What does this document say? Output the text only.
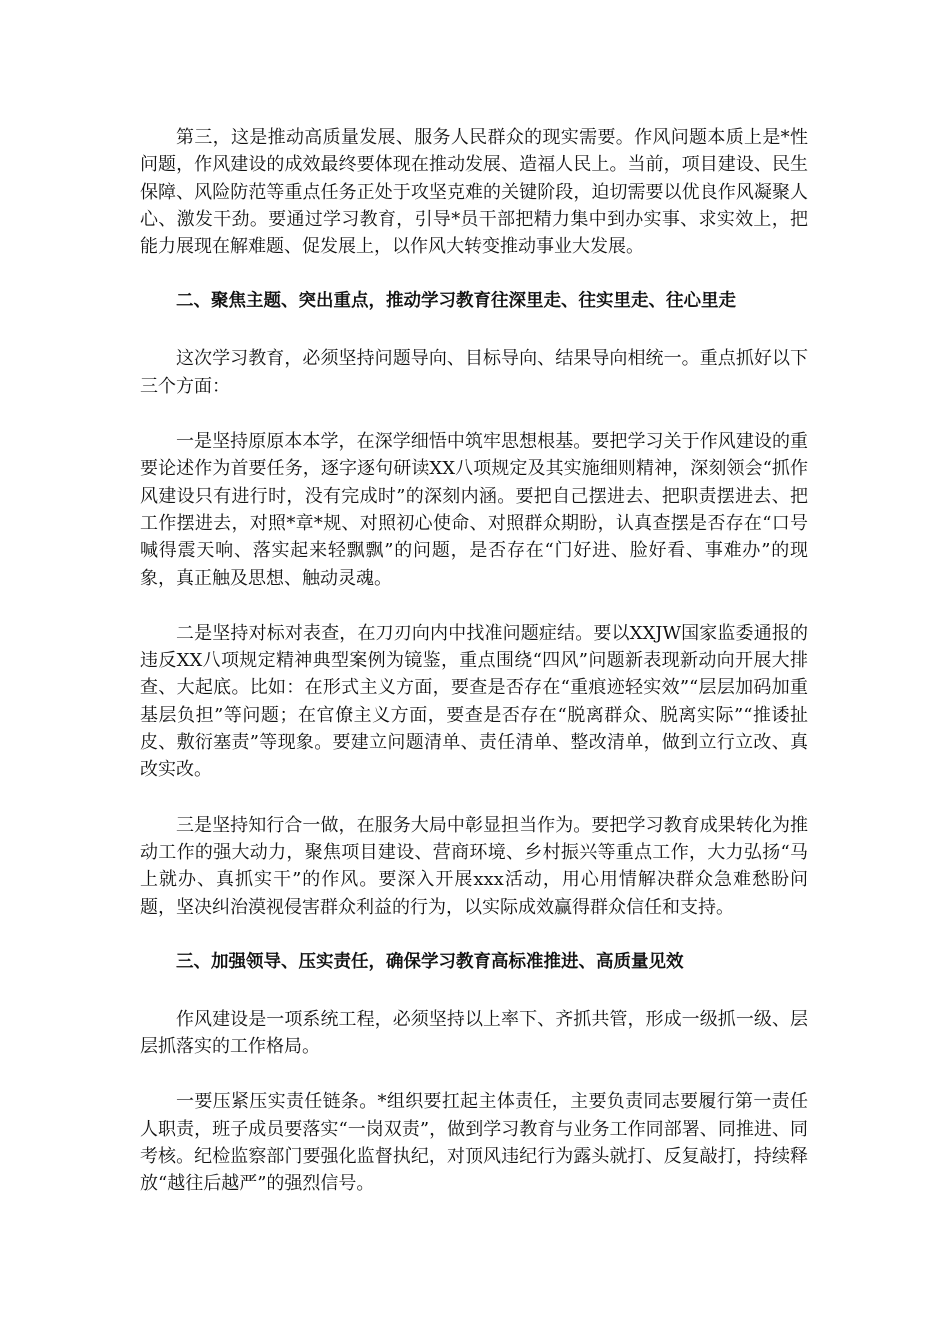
第三，这是推动高质量发展、服务人民群众的现实需要。作风问题本质上是*性问题，作风建设的成效最终要体现在推动发展、造福人民上。当前，项目建设、民生保障、风险防范等重点任务正处于攻坚克难的关键阶段，迫切需要以优良作风凝聚人心、激发干劲。要通过学习教育，引导*员干部把精力集中到办实事、求实效上，把能力展现在解难题、促发展上，以作风大转变推动事业大发展。

二、聚焦主题、突出重点，推动学习教育往深里走、往实里走、往心里走

这次学习教育，必须坚持问题导向、目标导向、结果导向相统一。重点抓好以下三个方面：

一是坚持原原本本学，在深学细悟中筑牢思想根基。要把学习关于作风建设的重要论述作为首要任务，逐字逐句研读XX八项规定及其实施细则精神，深刻领会“抓作风建设只有进行时，没有完成时”的深刻内涵。要把自己摆进去、把职责摆进去、把工作摆进去，对照*章*规、对照初心使命、对照群众期盼，认真查摆是否存在“口号喊得震天响、落实起来轻飘飘”的问题，是否存在“门好进、脸好看、事难办”的现象，真正触及思想、触动灵魂。

二是坚持对标对表查，在刀刃向内中找准问题症结。要以XXJW国家监委通报的违反XX八项规定精神典型案例为镜鉴，重点围绕“四风”问题新表现新动向开展大排查、大起底。比如：在形式主义方面，要查是否存在“重痕迹轻实效”“层层加码加重基层负担”等问题；在官僚主义方面，要查是否存在“脱离群众、脱离实际”“推诿扯皮、敷衍塞责”等现象。要建立问题清单、责任清单、整改清单，做到立行立改、真改实改。

三是坚持知行合一做，在服务大局中彰显担当作为。要把学习教育成果转化为推动工作的强大动力，聚焦项目建设、营商环境、乡村振兴等重点工作，大力弘扬“马上就办、真抓实干”的作风。要深入开展xxx活动，用心用情解决群众急难愁盼问题，坚决纠治漠视侵害群众利益的行为，以实际成效赢得群众信任和支持。

三、加强领导、压实责任，确保学习教育高标准推进、高质量见效

作风建设是一项系统工程，必须坚持以上率下、齐抓共管，形成一级抓一级、层层抓落实的工作格局。

一要压紧压实责任链条。*组织要扛起主体责任，主要负责同志要履行第一责任人职责，班子成员要落实“一岗双责”，做到学习教育与业务工作同部署、同推进、同考核。纪检监察部门要强化监督执纪，对顶风违纪行为露头就打、反复敲打，持续释放“越往后越严”的强烈信号。
